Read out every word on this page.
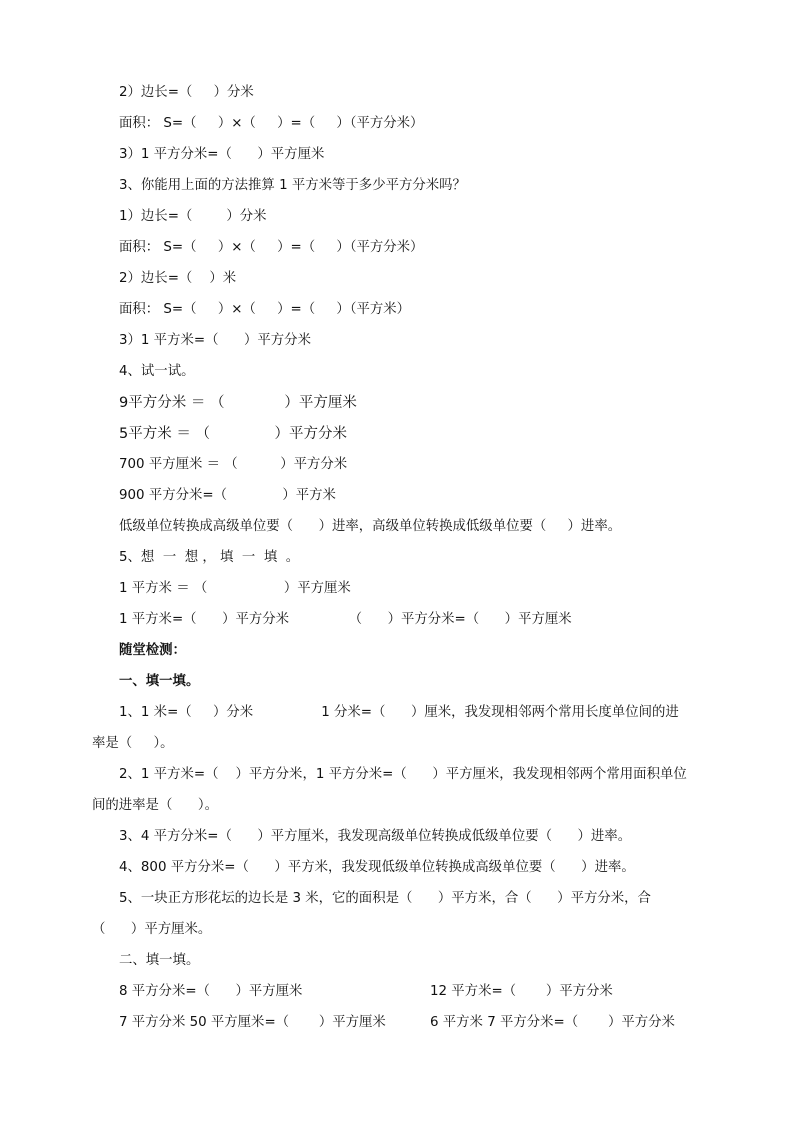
2）边长=（     ）分米

面积： S=（     ）×（     ）=（     ）（平方分米）

3）1 平方分米=（      ）平方厘米

3、你能用上面的方法推算 1 平方米等于多少平方分米吗？

1）边长=（        ）分米

面积： S=（     ）×（     ）=（     ）（平方分米）

2）边长=（    ）米

面积： S=（     ）×（     ）=（     ）（平方米）

3）1 平方米=（      ）平方分米

4、试一试。

9平方分米 ＝ （             ）平方厘米

5平方米 ＝ （              ）平方分米

700 平方厘米 ＝ （          ）平方分米

900 平方分米=（             ）平方米

低级单位转换成高级单位要（      ）进率，高级单位转换成低级单位要（     ）进率。

5、想  一  想 ， 填  一  填  。

1 平方米 ＝ （                  ）平方厘米

1 平方米=（      ）平方分米              （      ）平方分米=（      ）平方厘米

随堂检测：

一、填一填。

1、1 米=（     ）分米                1 分米=（      ）厘米，我发现相邻两个常用长度单位间的进

率是（     ）。

2、1 平方米=（    ）平方分米，1 平方分米=（      ）平方厘米，我发现相邻两个常用面积单位

间的进率是（      ）。

3、4 平方分米=（      ）平方厘米，我发现高级单位转换成低级单位要（      ）进率。

4、800 平方分米=（      ）平方米，我发现低级单位转换成高级单位要（      ）进率。

5、一块正方形花坛的边长是 3 米，它的面积是（      ）平方米，合（      ）平方分米，合

（      ）平方厘米。

二、填一填。

8 平方分米=（      ）平方厘米	12 平方米=（       ）平方分米

7 平方分米 50 平方厘米=（       ）平方厘米	6 平方米 7 平方分米=（       ）平方分米
